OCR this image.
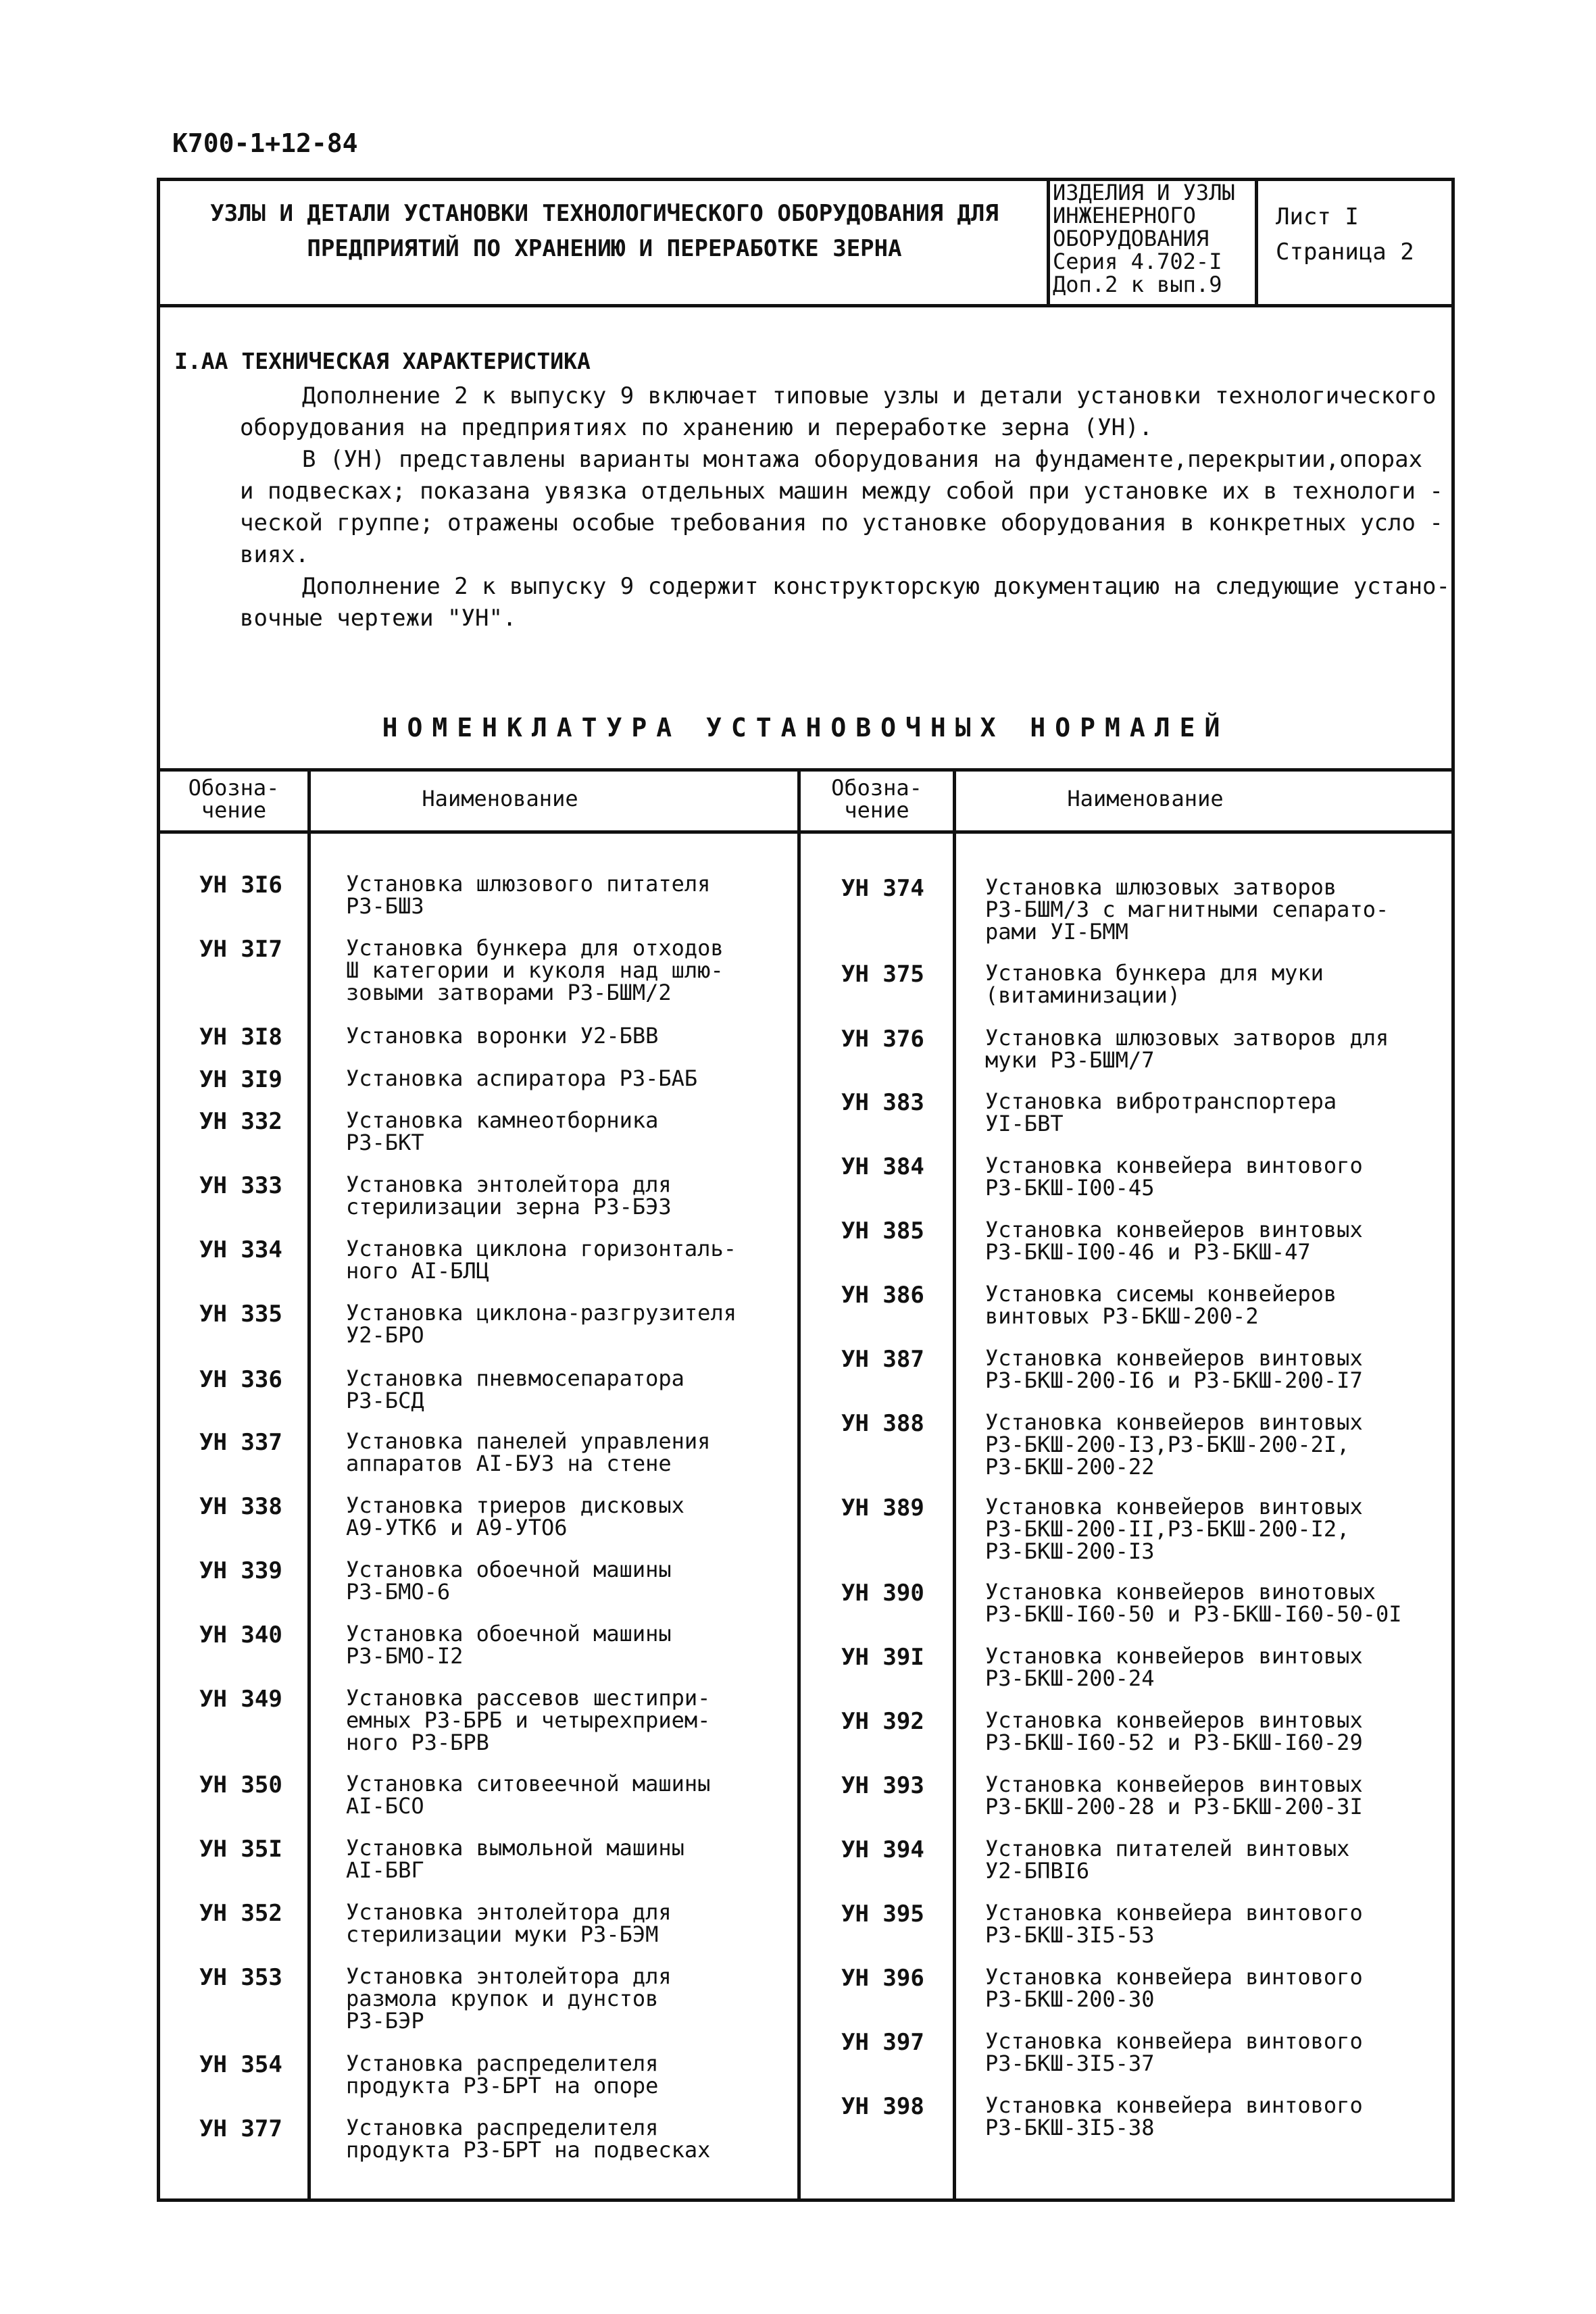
К700-1+12-84
УЗЛЫ И ДЕТАЛИ УСТАНОВКИ ТЕХНОЛОГИЧЕСКОГО ОБОРУДОВАНИЯ ДЛЯ
ПРЕДПРИЯТИЙ ПО ХРАНЕНИЮ И ПЕРЕРАБОТКЕ ЗЕРНА
ИЗДЕЛИЯ И УЗЛЫ
ИНЖЕНЕРНОГО
ОБОРУДОВАНИЯ
Серия 4.702-I
Доп.2 к вып.9
Лист I
Страница 2
I.АА ТЕХНИЧЕСКАЯ ХАРАКТЕРИСТИКА
Дополнение 2 к выпуску 9 включает типовые узлы и детали установки технологического
оборудования на предприятиях по хранению и переработке зерна (УН).
В (УН) представлены варианты монтажа оборудования на фундаменте,перекрытии,опорах
и подвесках; показана увязка отдельных машин между собой при установке их в технологи -
ческой группе; отражены особые требования по установке оборудования в конкретных усло -
виях.
Дополнение 2 к выпуску 9 содержит конструкторскую документацию на следующие устано-
вочные чертежи "УН".
НОМЕНКЛАТУРА УСТАНОВОЧНЫХ НОРМАЛЕЙ
Обозна-
чение	Наименование	Обозна-
чение	Наименование
УН 3I6	Установка шлюзового питателя
РЗ-БШЗ
УН 3I7	Установка бункера для отходов
Ш категории и куколя над шлю-
зовыми затворами РЗ-БШМ/2
УН 3I8	Установка воронки У2-БВВ
УН 3I9	Установка аспиратора РЗ-БАБ
УН 332	Установка камнеотборника
РЗ-БКТ
УН 333	Установка энтолейтора для
стерилизации зерна РЗ-БЭЗ
УН 334	Установка циклона горизонталь-
ного АI-БЛЦ
УН 335	Установка циклона-разгрузителя
У2-БРО
УН 336	Установка пневмосепаратора
РЗ-БСД
УН 337	Установка панелей управления
аппаратов АI-БУЗ на стене
УН 338	Установка триеров дисковых
А9-УТК6 и А9-УТО6
УН 339	Установка обоечной машины
РЗ-БМО-6
УН 340	Установка обоечной машины
РЗ-БМО-I2
УН 349	Установка рассевов шестипри-
емных РЗ-БРБ и четырехприем-
ного РЗ-БРВ
УН 350	Установка ситовеечной машины
АI-БСО
УН 35I	Установка вымольной машины
АI-БВГ
УН 352	Установка энтолейтора для
стерилизации муки РЗ-БЭМ
УН 353	Установка энтолейтора для
размола крупок и дунстов
РЗ-БЭР
УН 354	Установка распределителя
продукта РЗ-БРТ на опоре
УН 377	Установка распределителя
продукта РЗ-БРТ на подвесках
УН 374	Установка шлюзовых затворов
РЗ-БШМ/3 с магнитными сепарато-
рами УI-БММ
УН 375	Установка бункера для муки
(витаминизации)
УН 376	Установка шлюзовых затворов для
муки РЗ-БШМ/7
УН 383	Установка вибротранспортера
УI-БВТ
УН 384	Установка конвейера винтового
РЗ-БКШ-I00-45
УН 385	Установка конвейеров винтовых
РЗ-БКШ-I00-46 и РЗ-БКШ-47
УН 386	Установка сисемы конвейеров
винтовых РЗ-БКШ-200-2
УН 387	Установка конвейеров винтовых
РЗ-БКШ-200-I6 и РЗ-БКШ-200-I7
УН 388	Установка конвейеров винтовых
РЗ-БКШ-200-I3,РЗ-БКШ-200-2I,
РЗ-БКШ-200-22
УН 389	Установка конвейеров винтовых
РЗ-БКШ-200-II,РЗ-БКШ-200-I2,
РЗ-БКШ-200-I3
УН 390	Установка конвейеров винотовых
РЗ-БКШ-I60-50 и РЗ-БКШ-I60-50-0I
УН 39I	Установка конвейеров винтовых
РЗ-БКШ-200-24
УН 392	Установка конвейеров винтовых
РЗ-БКШ-I60-52 и РЗ-БКШ-I60-29
УН 393	Установка конвейеров винтовых
РЗ-БКШ-200-28 и РЗ-БКШ-200-3I
УН 394	Установка питателей винтовых
У2-БПВI6
УН 395	Установка конвейера винтового
РЗ-БКШ-3I5-53
УН 396	Установка конвейера винтового
РЗ-БКШ-200-30
УН 397	Установка конвейера винтового
РЗ-БКШ-3I5-37
УН 398	Установка конвейера винтового
РЗ-БКШ-3I5-38
